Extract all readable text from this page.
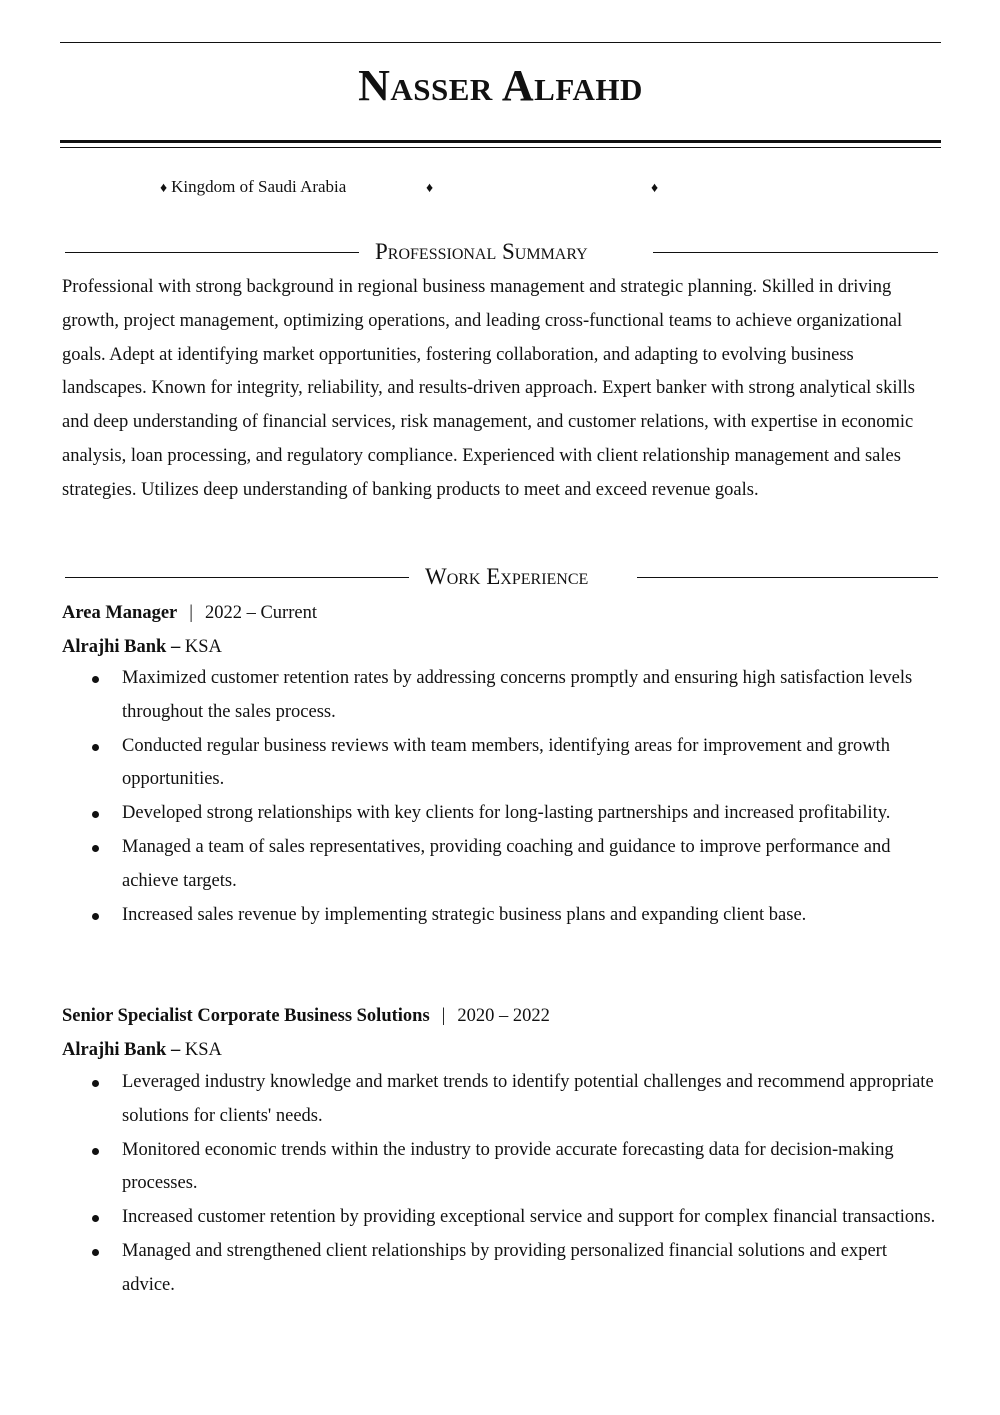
Nasser Alfahd
♦ Kingdom of Saudi Arabia	♦	♦
Professional Summary

Professional with strong background in regional business management and strategic planning. Skilled in driving growth, project management, optimizing operations, and leading cross-functional teams to achieve organizational goals. Adept at identifying market opportunities, fostering collaboration, and adapting to evolving business landscapes. Known for integrity, reliability, and results-driven approach. Expert banker with strong analytical skills and deep understanding of financial services, risk management, and customer relations, with expertise in economic analysis, loan processing, and regulatory compliance. Experienced with client relationship management and sales strategies. Utilizes deep understanding of banking products to meet and exceed revenue goals.

Work Experience
Area Manager | 2022 – Current
Alrajhi Bank – KSA
Maximized customer retention rates by addressing concerns promptly and ensuring high satisfaction levels throughout the sales process.
Conducted regular business reviews with team members, identifying areas for improvement and growth opportunities.
Developed strong relationships with key clients for long-lasting partnerships and increased profitability.
Managed a team of sales representatives, providing coaching and guidance to improve performance and achieve targets.
Increased sales revenue by implementing strategic business plans and expanding client base.
Senior Specialist Corporate Business Solutions | 2020 – 2022
Alrajhi Bank – KSA
Leveraged industry knowledge and market trends to identify potential challenges and recommend appropriate solutions for clients' needs.
Monitored economic trends within the industry to provide accurate forecasting data for decision-making processes.
Increased customer retention by providing exceptional service and support for complex financial transactions.
Managed and strengthened client relationships by providing personalized financial solutions and expert advice.
